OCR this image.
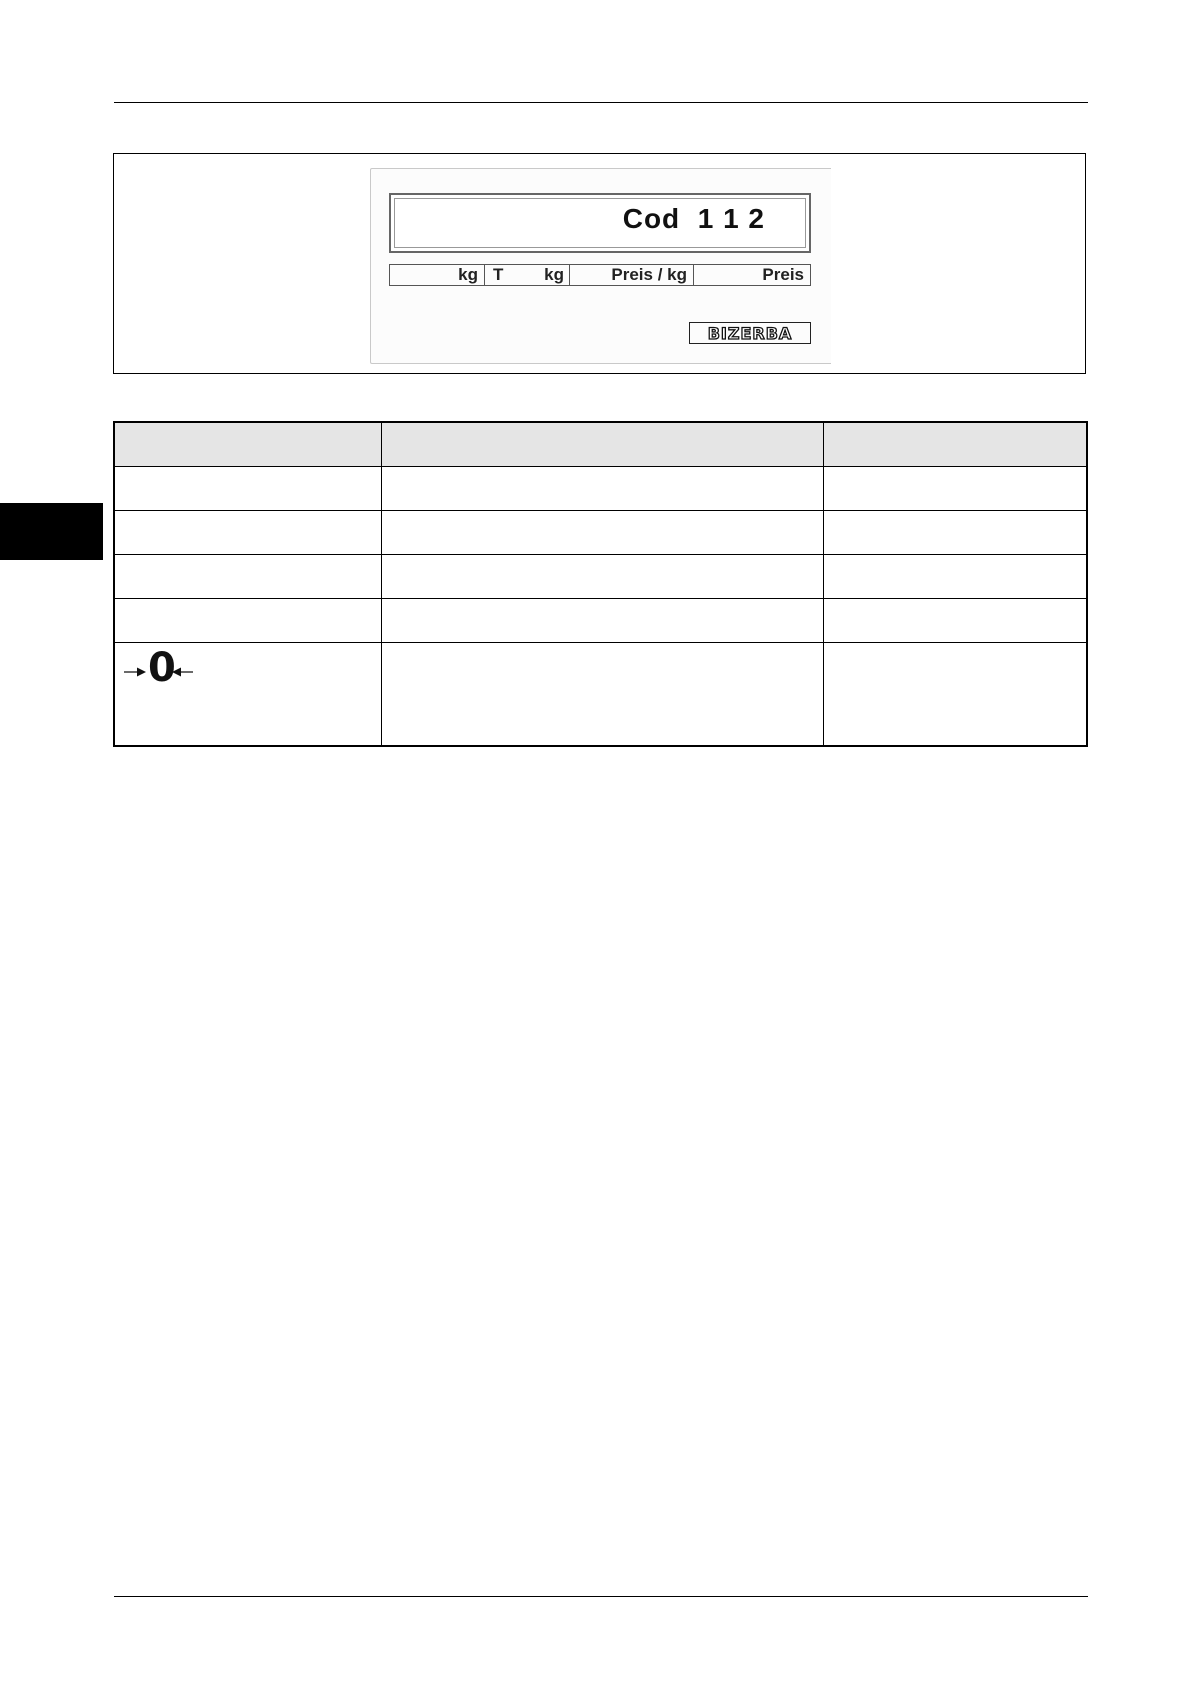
Cod  1 1 2
kg T kg	Preis / kg	Preis
BIZERBA

0		
